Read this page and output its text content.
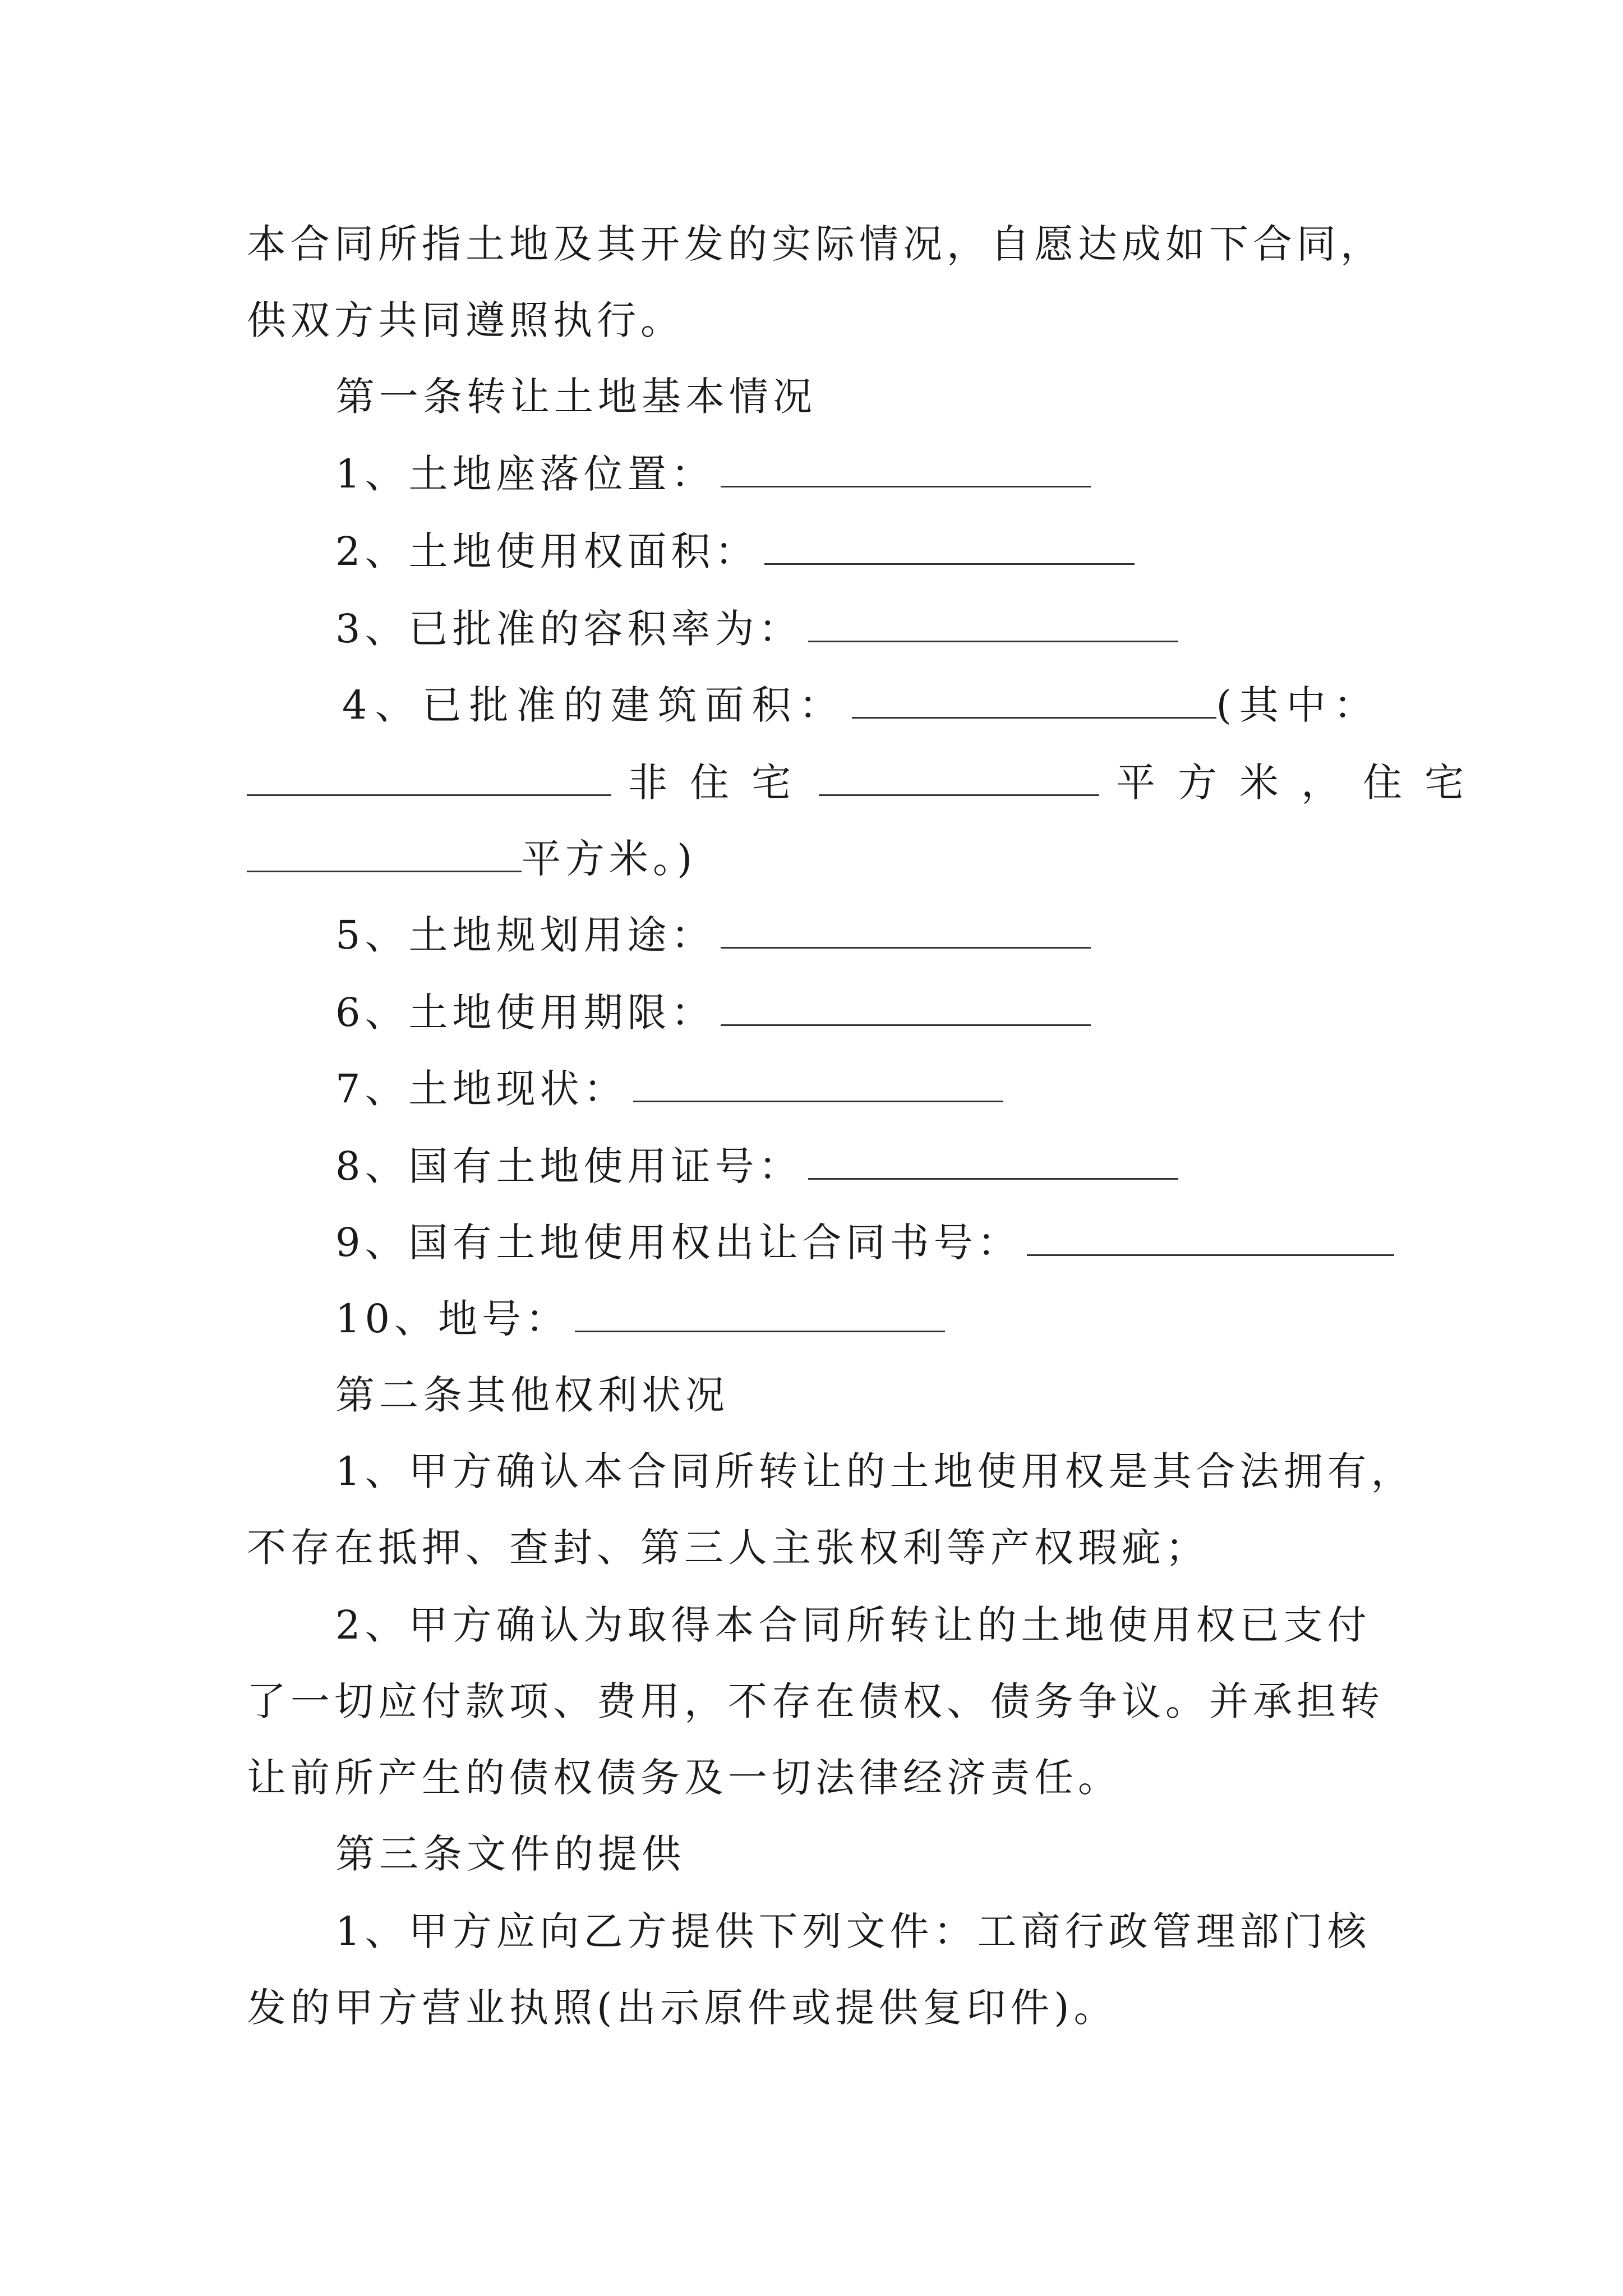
本合同所指土地及其开发的实际情况，自愿达成如下合同，
供双方共同遵照执行。
第一条转让土地基本情况
1、土地座落位置：
2、土地使用权面积：
3、已批准的容积率为：
4、已批准的建筑面积：	(其中：
非住宅	平方米，住宅
平方米。)
5、土地规划用途：
6、土地使用期限：
7、土地现状：
8、国有土地使用证号：
9、国有土地使用权出让合同书号：
10、地号：
第二条其他权利状况
1、甲方确认本合同所转让的土地使用权是其合法拥有，
不存在抵押、查封、第三人主张权利等产权瑕疵；
2、甲方确认为取得本合同所转让的土地使用权已支付
了一切应付款项、费用，不存在债权、债务争议。并承担转
让前所产生的债权债务及一切法律经济责任。
第三条文件的提供
1、甲方应向乙方提供下列文件：工商行政管理部门核
发的甲方营业执照(出示原件或提供复印件)。
